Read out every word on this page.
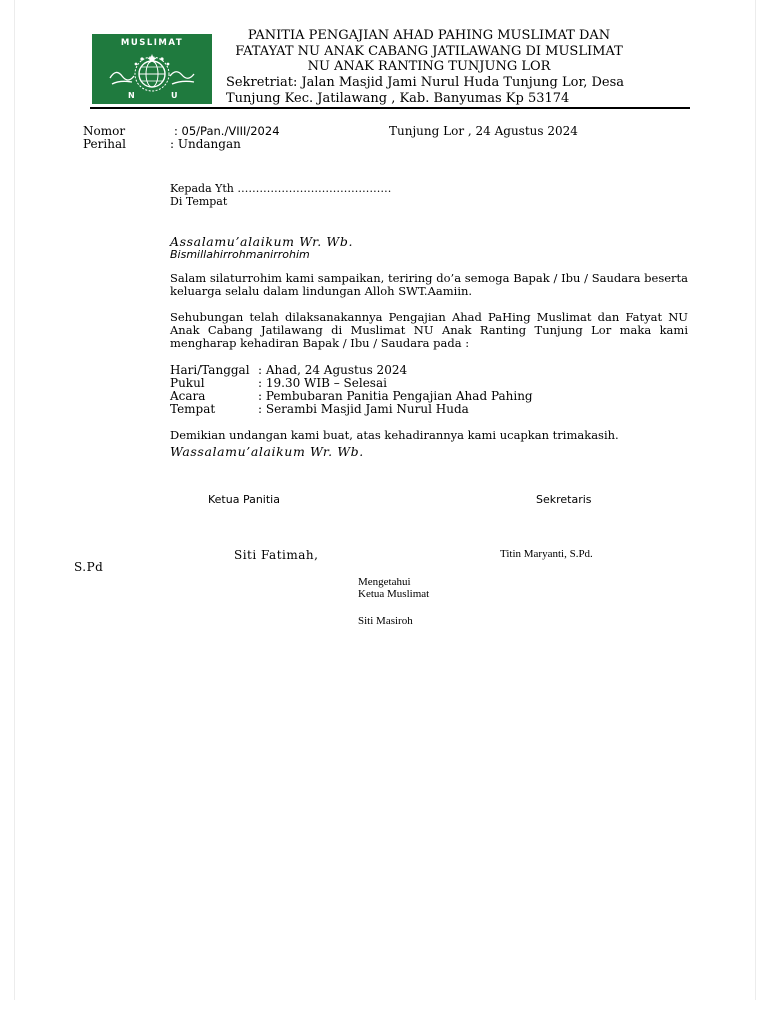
MUSLIMAT
N	U
PANITIA PENGAJIAN AHAD PAHING MUSLIMAT DAN
FATAYAT NU ANAK CABANG JATILAWANG DI MUSLIMAT
NU ANAK RANTING TUNJUNG LOR
Sekretriat: Jalan Masjid Jami Nurul Huda Tunjung Lor, Desa
Tunjung Kec. Jatilawang , Kab. Banyumas Kp 53174
Nomor	: 05/Pan./VIII/2024	Tunjung Lor , 24 Agustus 2024
Perihal	: Undangan
Kepada Yth ……………………………………
Di Tempat
Assalamu’alaikum Wr. Wb.
Bismillahirrohmanirrohim
Salam silaturrohim kami sampaikan, teriring do’a semoga Bapak / Ibu / Saudara beserta keluarga selalu dalam lindungan Alloh SWT.Aamiin.
Sehubungan telah dilaksanakannya Pengajian Ahad PaHing Muslimat dan Fatyat NU Anak Cabang Jatilawang di Muslimat NU Anak Ranting Tunjung Lor maka kami mengharap kehadiran Bapak / Ibu / Saudara pada :
Hari/Tanggal : Ahad, 24 Agustus 2024
Pukul	: 19.30 WIB – Selesai
Acara	: Pembubaran Panitia Pengajian Ahad Pahing
Tempat	: Serambi Masjid Jami Nurul Huda
Demikian undangan kami buat, atas kehadirannya kami ucapkan trimakasih.
Wassalamu’alaikum Wr. Wb.
Ketua Panitia	Sekretaris
Siti Fatimah,
S.Pd
Titin Maryanti, S.Pd.
Mengetahui
Ketua Muslimat
Siti Masiroh
